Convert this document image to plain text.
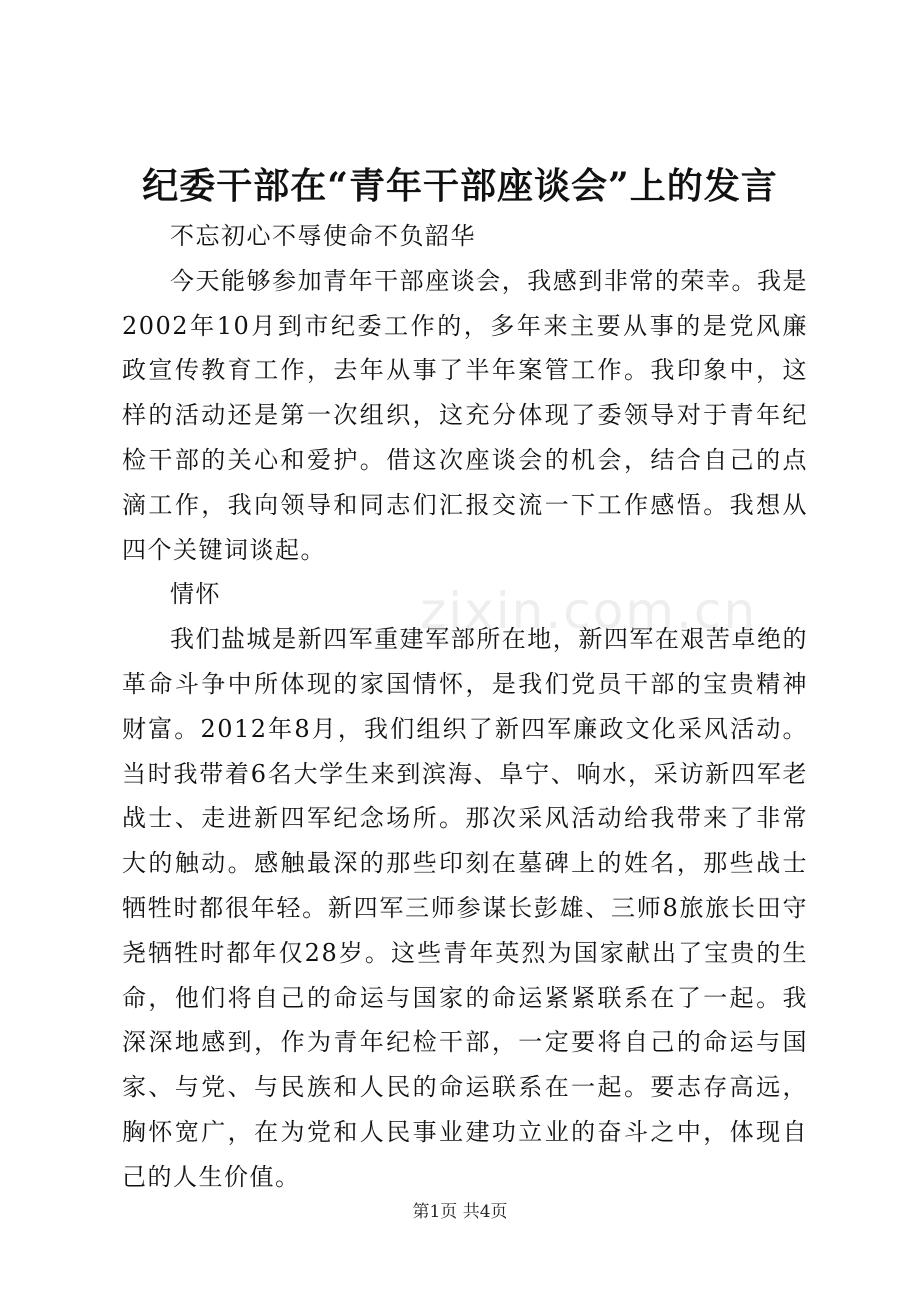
纪委干部在“青年干部座谈会”上的发言

不忘初心不辱使命不负韶华

今天能够参加青年干部座谈会，我感到非常的荣幸。我是2002年10月到市纪委工作的，多年来主要从事的是党风廉政宣传教育工作，去年从事了半年案管工作。我印象中，这样的活动还是第一次组织，这充分体现了委领导对于青年纪检干部的关心和爱护。借这次座谈会的机会，结合自己的点滴工作，我向领导和同志们汇报交流一下工作感悟。我想从四个关键词谈起。

情怀

我们盐城是新四军重建军部所在地，新四军在艰苦卓绝的革命斗争中所体现的家国情怀，是我们党员干部的宝贵精神财富。2012年8月，我们组织了新四军廉政文化采风活动。当时我带着6名大学生来到滨海、阜宁、响水，采访新四军老战士、走进新四军纪念场所。那次采风活动给我带来了非常大的触动。感触最深的那些印刻在墓碑上的姓名，那些战士牺牲时都很年轻。新四军三师参谋长彭雄、三师8旅旅长田守尧牺牲时都年仅28岁。这些青年英烈为国家献出了宝贵的生命，他们将自己的命运与国家的命运紧紧联系在了一起。我深深地感到，作为青年纪检干部，一定要将自己的命运与国家、与党、与民族和人民的命运联系在一起。要志存高远，胸怀宽广，在为党和人民事业建功立业的奋斗之中，体现自己的人生价值。

zixin.com.cn
第1页 共4页
